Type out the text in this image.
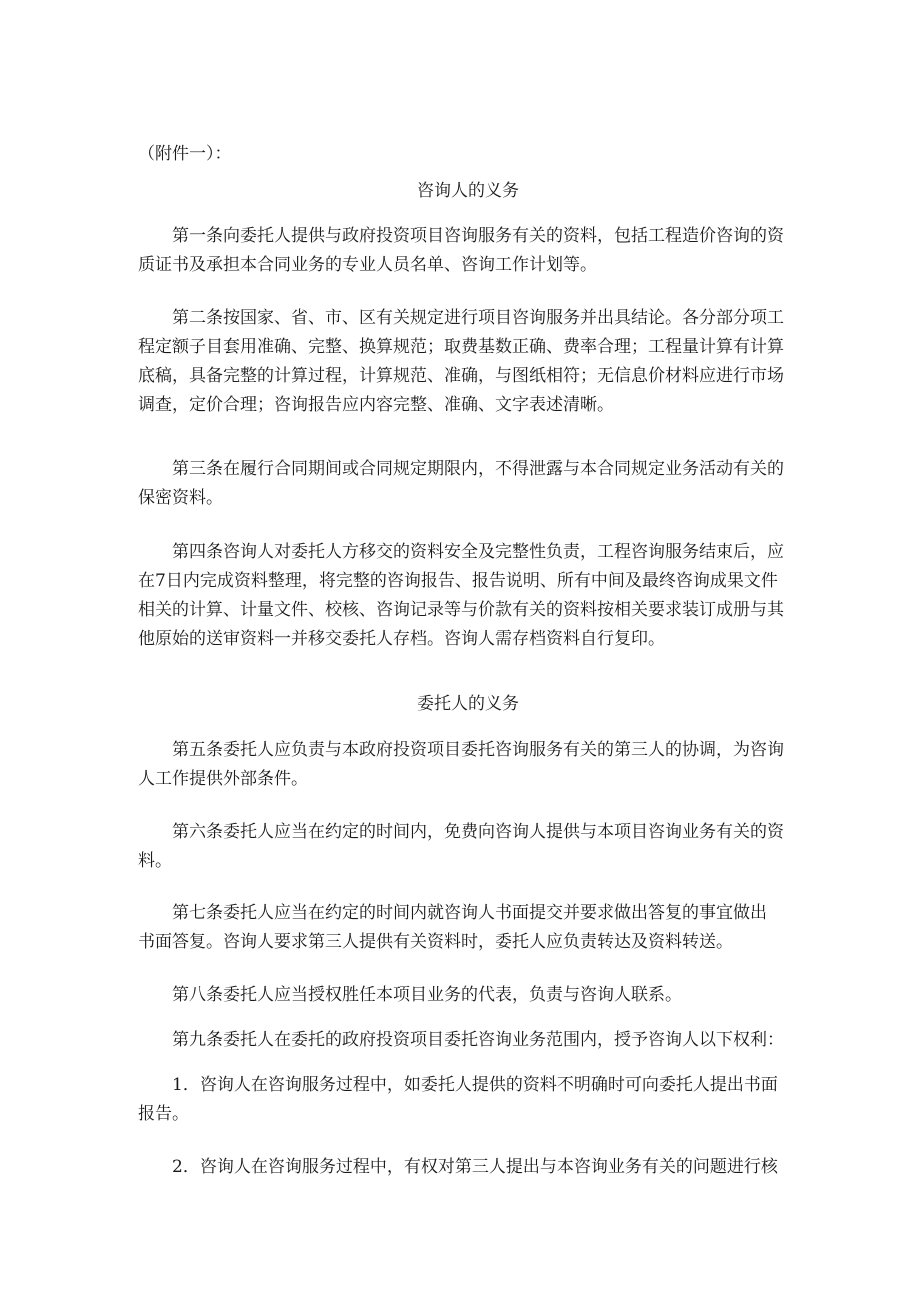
（附件一）：

咨询人的义务

　　第一条向委托人提供与政府投资项目咨询服务有关的资料，包括工程造价咨询的资
质证书及承担本合同业务的专业人员名单、咨询工作计划等。

　　第二条按国家、省、市、区有关规定进行项目咨询服务并出具结论。各分部分项工
程定额子目套用准确、完整、换算规范；取费基数正确、费率合理；工程量计算有计算
底稿，具备完整的计算过程，计算规范、准确，与图纸相符；无信息价材料应进行市场
调查，定价合理；咨询报告应内容完整、准确、文字表述清晰。

　　第三条在履行合同期间或合同规定期限内，不得泄露与本合同规定业务活动有关的
保密资料。

　　第四条咨询人对委托人方移交的资料安全及完整性负责，工程咨询服务结束后，应
在7日内完成资料整理，将完整的咨询报告、报告说明、所有中间及最终咨询成果文件
相关的计算、计量文件、校核、咨询记录等与价款有关的资料按相关要求装订成册与其
他原始的送审资料一并移交委托人存档。咨询人需存档资料自行复印。

委托人的义务

　　第五条委托人应负责与本政府投资项目委托咨询服务有关的第三人的协调，为咨询
人工作提供外部条件。

　　第六条委托人应当在约定的时间内，免费向咨询人提供与本项目咨询业务有关的资
料。

　　第七条委托人应当在约定的时间内就咨询人书面提交并要求做出答复的事宜做出
书面答复。咨询人要求第三人提供有关资料时，委托人应负责转达及资料转送。

　　第八条委托人应当授权胜任本项目业务的代表，负责与咨询人联系。

　　第九条委托人在委托的政府投资项目委托咨询业务范围内，授予咨询人以下权利：

　　1．咨询人在咨询服务过程中，如委托人提供的资料不明确时可向委托人提出书面
报告。

　　2．咨询人在咨询服务过程中，有权对第三人提出与本咨询业务有关的问题进行核
